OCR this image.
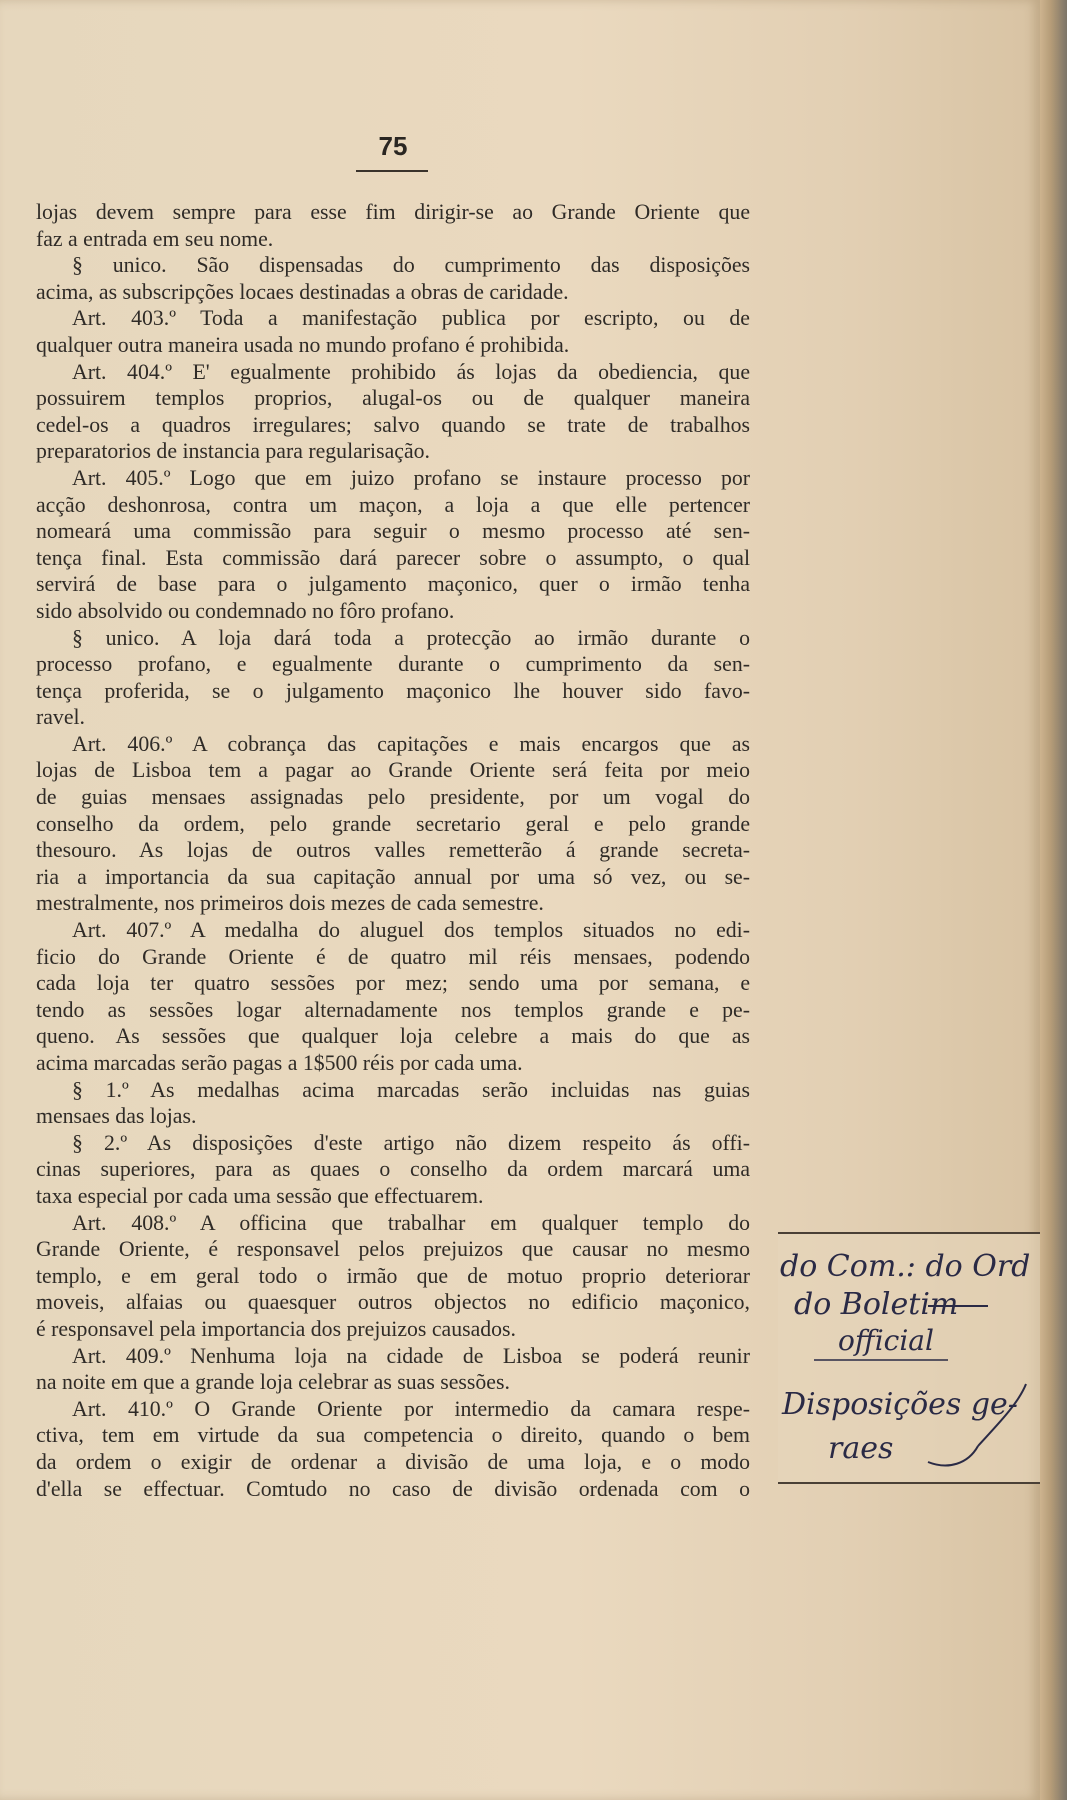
75
lojas devem sempre para esse fim dirigir-se ao Grande Oriente que
faz a entrada em seu nome.
§ unico. São dispensadas do cumprimento das disposições
acima, as subscripções locaes destinadas a obras de caridade.
Art. 403.º Toda a manifestação publica por escripto, ou de
qualquer outra maneira usada no mundo profano é prohibida.
Art. 404.º E' egualmente prohibido ás lojas da obediencia, que
possuirem templos proprios, alugal-os ou de qualquer maneira
cedel-os a quadros irregulares; salvo quando se trate de trabalhos
preparatorios de instancia para regularisação.
Art. 405.º Logo que em juizo profano se instaure processo por
acção deshonrosa, contra um maçon, a loja a que elle pertencer
nomeará uma commissão para seguir o mesmo processo até sen-
tença final. Esta commissão dará parecer sobre o assumpto, o qual
servirá de base para o julgamento maçonico, quer o irmão tenha
sido absolvido ou condemnado no fôro profano.
§ unico. A loja dará toda a protecção ao irmão durante o
processo profano, e egualmente durante o cumprimento da sen-
tença proferida, se o julgamento maçonico lhe houver sido favo-
ravel.
Art. 406.º A cobrança das capitações e mais encargos que as
lojas de Lisboa tem a pagar ao Grande Oriente será feita por meio
de guias mensaes assignadas pelo presidente, por um vogal do
conselho da ordem, pelo grande secretario geral e pelo grande
thesouro. As lojas de outros valles remetterão á grande secreta-
ria a importancia da sua capitação annual por uma só vez, ou se-
mestralmente, nos primeiros dois mezes de cada semestre.
Art. 407.º A medalha do aluguel dos templos situados no edi-
ficio do Grande Oriente é de quatro mil réis mensaes, podendo
cada loja ter quatro sessões por mez; sendo uma por semana, e
tendo as sessões logar alternadamente nos templos grande e pe-
queno. As sessões que qualquer loja celebre a mais do que as
acima marcadas serão pagas a 1$500 réis por cada uma.
§ 1.º As medalhas acima marcadas serão incluidas nas guias
mensaes das lojas.
§ 2.º As disposições d'este artigo não dizem respeito ás offi-
cinas superiores, para as quaes o conselho da ordem marcará uma
taxa especial por cada uma sessão que effectuarem.
Art. 408.º A officina que trabalhar em qualquer templo do
Grande Oriente, é responsavel pelos prejuizos que causar no mesmo
templo, e em geral todo o irmão que de motuo proprio deteriorar
moveis, alfaias ou quaesquer outros objectos no edificio maçonico,
é responsavel pela importancia dos prejuizos causados.
Art. 409.º Nenhuma loja na cidade de Lisboa se poderá reunir
na noite em que a grande loja celebrar as suas sessões.
Art. 410.º O Grande Oriente por intermedio da camara respe-
ctiva, tem em virtude da sua competencia o direito, quando o bem
da ordem o exigir de ordenar a divisão de uma loja, e o modo
d'ella se effectuar. Comtudo no caso de divisão ordenada com o
do Com.: do Ord
do Boletim
official
Disposições ge-
raes
